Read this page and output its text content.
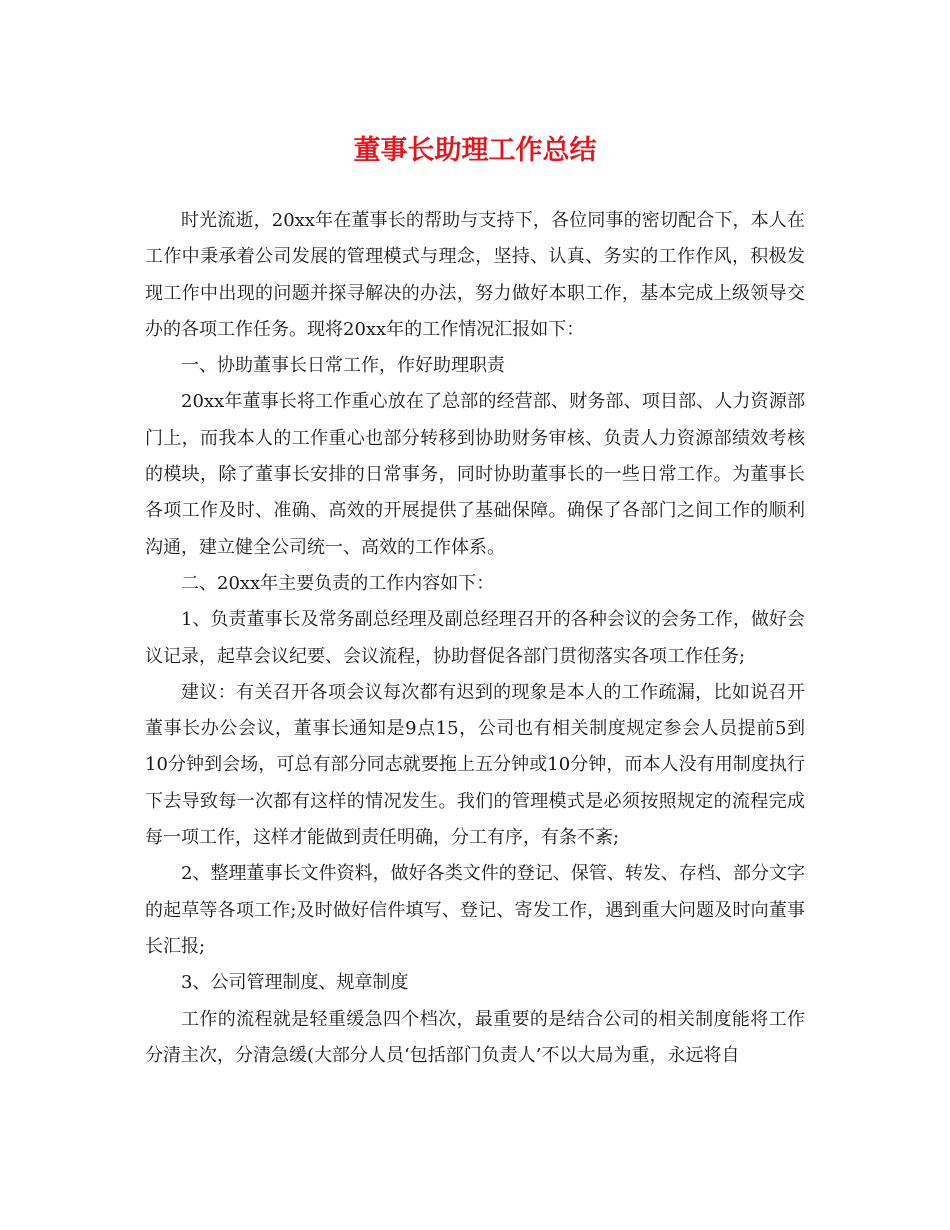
董事长助理工作总结

时光流逝，20xx年在董事长的帮助与支持下，各位同事的密切配合下，本人在工作中秉承着公司发展的管理模式与理念，坚持、认真、务实的工作作风，积极发现工作中出现的问题并探寻解决的办法，努力做好本职工作，基本完成上级领导交办的各项工作任务。现将20xx年的工作情况汇报如下：

一、协助董事长日常工作，作好助理职责

20xx年董事长将工作重心放在了总部的经营部、财务部、项目部、人力资源部门上，而我本人的工作重心也部分转移到协助财务审核、负责人力资源部绩效考核的模块，除了董事长安排的日常事务，同时协助董事长的一些日常工作。为董事长各项工作及时、准确、高效的开展提供了基础保障。确保了各部门之间工作的顺利沟通，建立健全公司统一、高效的工作体系。

二、20xx年主要负责的工作内容如下：

1、负责董事长及常务副总经理及副总经理召开的各种会议的会务工作，做好会议记录，起草会议纪要、会议流程，协助督促各部门贯彻落实各项工作任务;

建议：有关召开各项会议每次都有迟到的现象是本人的工作疏漏，比如说召开董事长办公会议，董事长通知是9点15，公司也有相关制度规定参会人员提前5到10分钟到会场，可总有部分同志就要拖上五分钟或10分钟，而本人没有用制度执行下去导致每一次都有这样的情况发生。我们的管理模式是必须按照规定的流程完成每一项工作，这样才能做到责任明确，分工有序，有条不紊;

2、整理董事长文件资料，做好各类文件的登记、保管、转发、存档、部分文字的起草等各项工作;及时做好信件填写、登记、寄发工作，遇到重大问题及时向董事长汇报;

3、公司管理制度、规章制度

工作的流程就是轻重缓急四个档次，最重要的是结合公司的相关制度能将工作分清主次，分清急缓(大部分人员‘包括部门负责人’不以大局为重，永远将自
